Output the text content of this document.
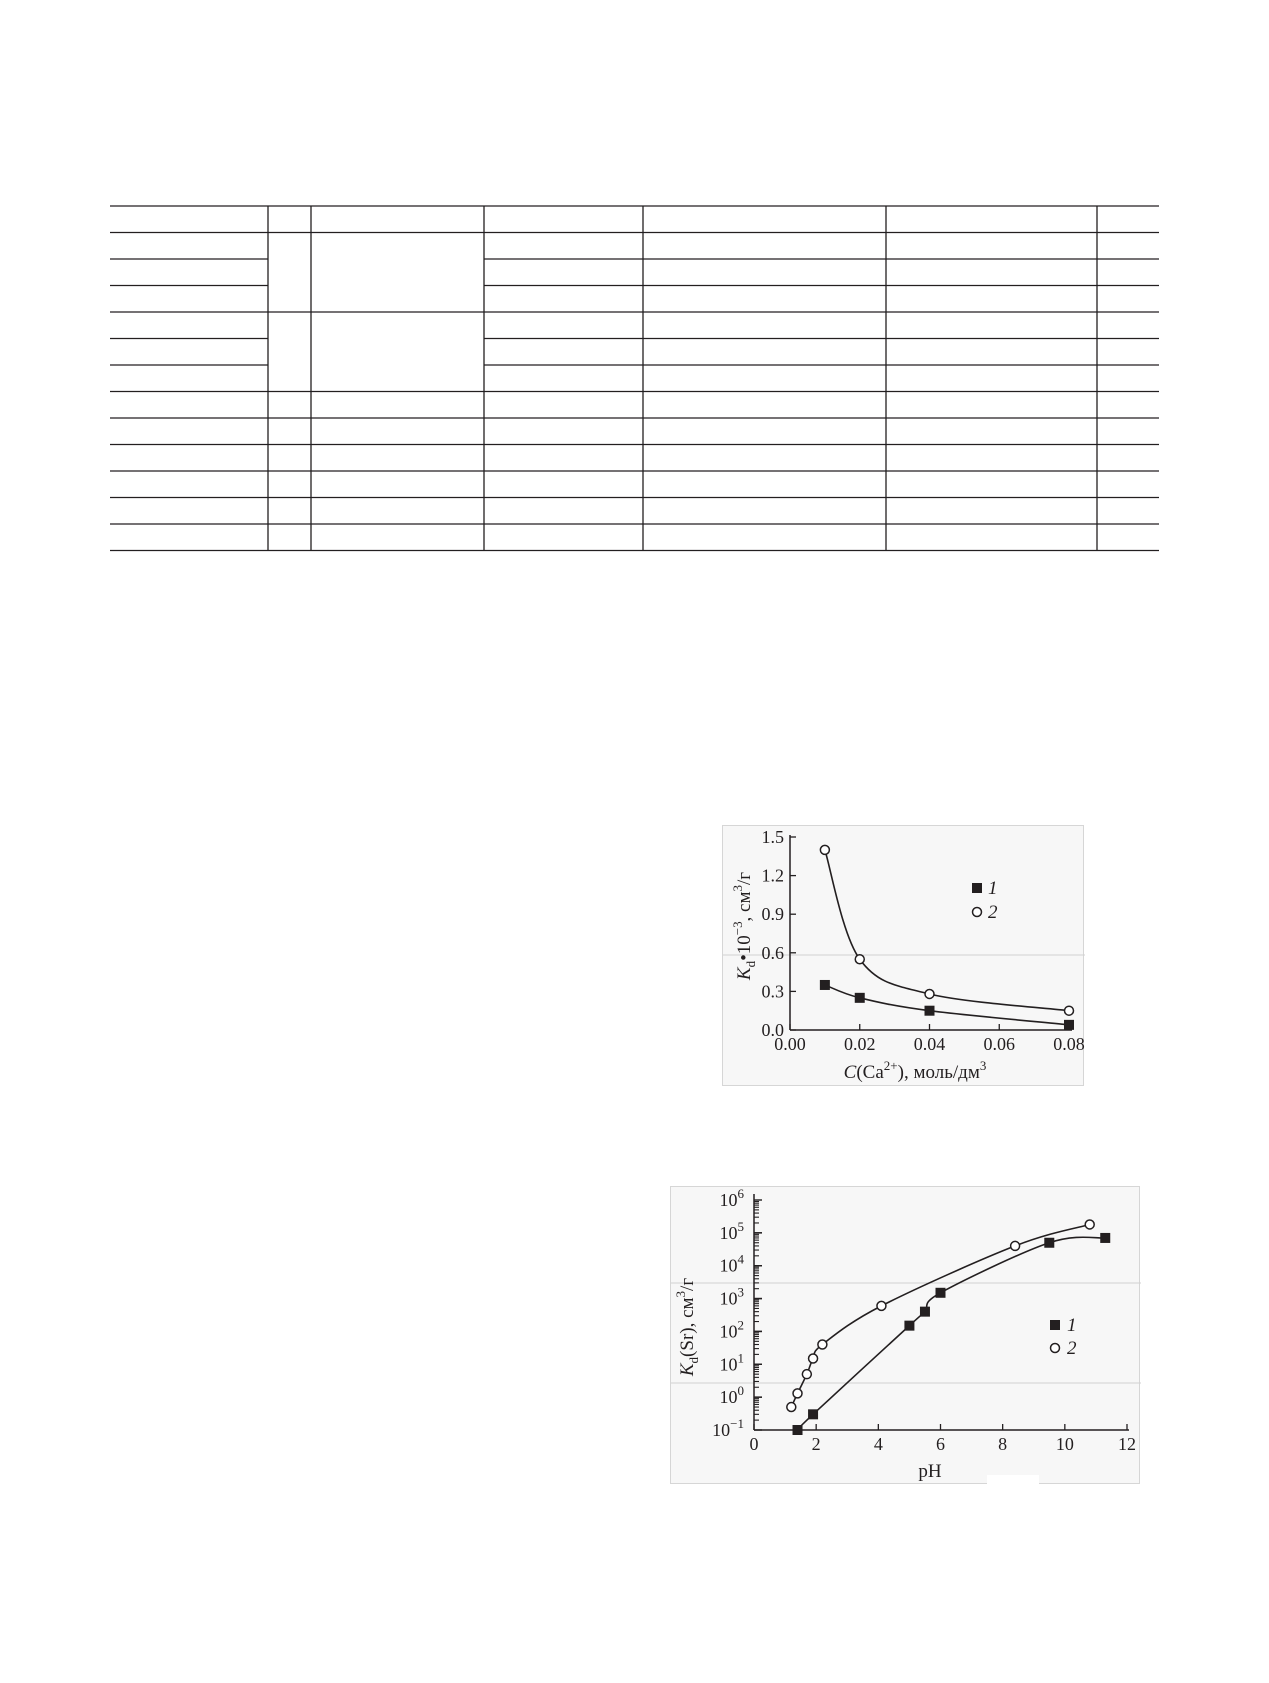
0.00 0.02 0.04 0.06 0.08
0.0
0.3
0.6
0.9
1.2
1.5
1
2
$K_d•10^{-3}$, $см^3/г$
$C(Ca^{2+})$, моль/$дм^3$
0	2	4	6	8	10 12
$10^{-1}$
$10^0$
$10^1$
$10^2$
$10^3$
$10^4$
$10^5$
$10^6$
1
2
$K_d(Sr)$, $см^3/г$
pH
